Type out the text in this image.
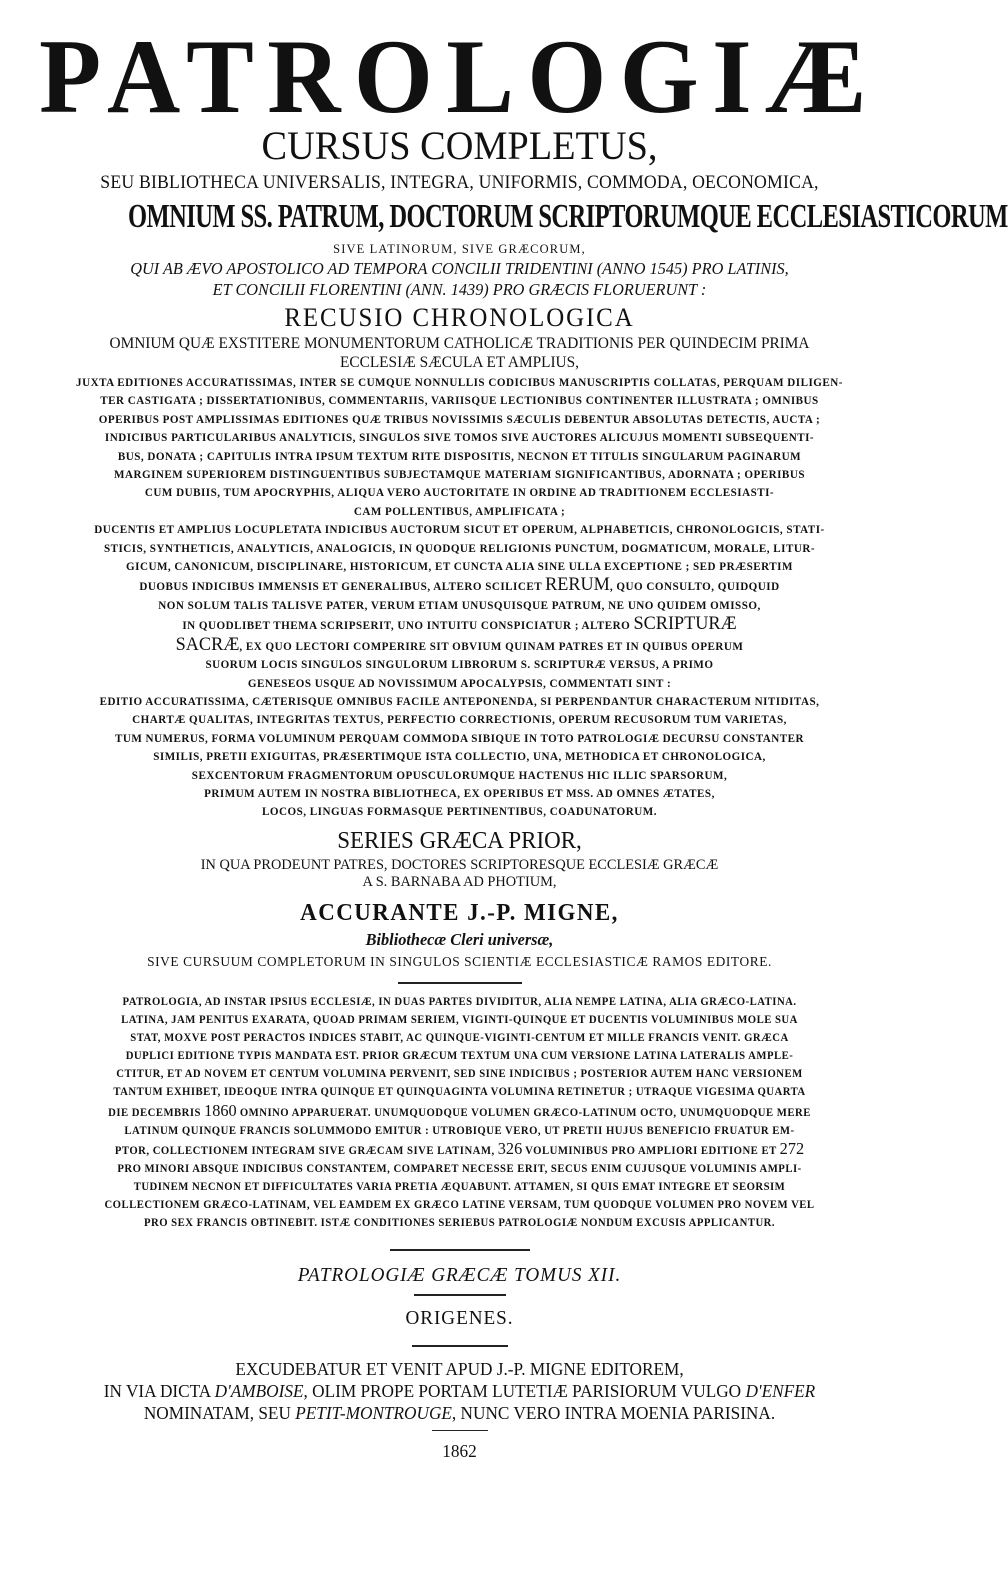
PATROLOGIÆ
CURSUS COMPLETUS,
SEU BIBLIOTHECA UNIVERSALIS, INTEGRA, UNIFORMIS, COMMODA, OECONOMICA,
OMNIUM SS. PATRUM, DOCTORUM SCRIPTORUMQUE ECCLESIASTICORUM
SIVE LATINORUM, SIVE GRÆCORUM,
QUI AB ÆVO APOSTOLICO AD TEMPORA CONCILII TRIDENTINI (ANNO 1545) PRO LATINIS,
ET CONCILII FLORENTINI (ANN. 1439) PRO GRÆCIS FLORUERUNT :
RECUSIO CHRONOLOGICA
OMNIUM QUÆ EXSTITERE MONUMENTORUM CATHOLICÆ TRADITIONIS PER QUINDECIM PRIMA
ECCLESIÆ SÆCULA ET AMPLIUS,
JUXTA EDITIONES ACCURATISSIMAS, INTER SE CUMQUE NONNULLIS CODICIBUS MANUSCRIPTIS COLLATAS, PERQUAM DILIGEN-
TER CASTIGATA ; DISSERTATIONIBUS, COMMENTARIIS, VARIISQUE LECTIONIBUS CONTINENTER ILLUSTRATA ; OMNIBUS
OPERIBUS POST AMPLISSIMAS EDITIONES QUÆ TRIBUS NOVISSIMIS SÆCULIS DEBENTUR ABSOLUTAS DETECTIS, AUCTA ;
INDICIBUS PARTICULARIBUS ANALYTICIS, SINGULOS SIVE TOMOS SIVE AUCTORES ALICUJUS MOMENTI SUBSEQUENTI-
BUS, DONATA ; CAPITULIS INTRA IPSUM TEXTUM RITE DISPOSITIS, NECNON ET TITULIS SINGULARUM PAGINARUM
MARGINEM SUPERIOREM DISTINGUENTIBUS SUBJECTAMQUE MATERIAM SIGNIFICANTIBUS, ADORNATA ; OPERIBUS
CUM DUBIIS, TUM APOCRYPHIS, ALIQUA VERO AUCTORITATE IN ORDINE AD TRADITIONEM ECCLESIASTI-
CAM POLLENTIBUS, AMPLIFICATA ;
DUCENTIS ET AMPLIUS LOCUPLETATA INDICIBUS AUCTORUM SICUT ET OPERUM, ALPHABETICIS, CHRONOLOGICIS, STATI-
STICIS, SYNTHETICIS, ANALYTICIS, ANALOGICIS, IN QUODQUE RELIGIONIS PUNCTUM, DOGMATICUM, MORALE, LITUR-
GICUM, CANONICUM, DISCIPLINARE, HISTORICUM, ET CUNCTA ALIA SINE ULLA EXCEPTIONE ; SED PRÆSERTIM
DUOBUS INDICIBUS IMMENSIS ET GENERALIBUS, ALTERO SCILICET RERUM, QUO CONSULTO, QUIDQUID
NON SOLUM TALIS TALISVE PATER, VERUM ETIAM UNUSQUISQUE PATRUM, NE UNO QUIDEM OMISSO,
IN QUODLIBET THEMA SCRIPSERIT, UNO INTUITU CONSPICIATUR ; ALTERO SCRIPTURÆ
SACRÆ, EX QUO LECTORI COMPERIRE SIT OBVIUM QUINAM PATRES ET IN QUIBUS OPERUM
SUORUM LOCIS SINGULOS SINGULORUM LIBRORUM S. SCRIPTURÆ VERSUS, A PRIMO
GENESEOS USQUE AD NOVISSIMUM APOCALYPSIS, COMMENTATI SINT :
EDITIO ACCURATISSIMA, CÆTERISQUE OMNIBUS FACILE ANTEPONENDA, SI PERPENDANTUR CHARACTERUM NITIDITAS,
CHARTÆ QUALITAS, INTEGRITAS TEXTUS, PERFECTIO CORRECTIONIS, OPERUM RECUSORUM TUM VARIETAS,
TUM NUMERUS, FORMA VOLUMINUM PERQUAM COMMODA SIBIQUE IN TOTO PATROLOGIÆ DECURSU CONSTANTER
SIMILIS, PRETII EXIGUITAS, PRÆSERTIMQUE ISTA COLLECTIO, UNA, METHODICA ET CHRONOLOGICA,
SEXCENTORUM FRAGMENTORUM OPUSCULORUMQUE HACTENUS HIC ILLIC SPARSORUM,
PRIMUM AUTEM IN NOSTRA BIBLIOTHECA, EX OPERIBUS ET MSS. AD OMNES ÆTATES,
LOCOS, LINGUAS FORMASQUE PERTINENTIBUS, COADUNATORUM.
SERIES GRÆCA PRIOR,
IN QUA PRODEUNT PATRES, DOCTORES SCRIPTORESQUE ECCLESIÆ GRÆCÆ
A S. BARNABA AD PHOTIUM,
ACCURANTE J.-P. MIGNE,
Bibliothecæ Cleri universæ,
SIVE CURSUUM COMPLETORUM IN SINGULOS SCIENTIÆ ECCLESIASTICÆ RAMOS EDITORE.
PATROLOGIA, AD INSTAR IPSIUS ECCLESIÆ, IN DUAS PARTES DIVIDITUR, ALIA NEMPE LATINA, ALIA GRÆCO-LATINA.
LATINA, JAM PENITUS EXARATA, QUOAD PRIMAM SERIEM, VIGINTI-QUINQUE ET DUCENTIS VOLUMINIBUS MOLE SUA
STAT, MOXVE POST PERACTOS INDICES STABIT, AC QUINQUE-VIGINTI-CENTUM ET MILLE FRANCIS VENIT. GRÆCA
DUPLICI EDITIONE TYPIS MANDATA EST. PRIOR GRÆCUM TEXTUM UNA CUM VERSIONE LATINA LATERALIS AMPLE-
CTITUR, ET AD NOVEM ET CENTUM VOLUMINA PERVENIT, SED SINE INDICIBUS ; POSTERIOR AUTEM HANC VERSIONEM
TANTUM EXHIBET, IDEOQUE INTRA QUINQUE ET QUINQUAGINTA VOLUMINA RETINETUR ; UTRAQUE VIGESIMA QUARTA
DIE DECEMBRIS 1860 OMNINO APPARUERAT. UNUMQUODQUE VOLUMEN GRÆCO-LATINUM OCTO, UNUMQUODQUE MERE
LATINUM QUINQUE FRANCIS SOLUMMODO EMITUR : UTROBIQUE VERO, UT PRETII HUJUS BENEFICIO FRUATUR EM-
PTOR, COLLECTIONEM INTEGRAM SIVE GRÆCAM SIVE LATINAM, 326 VOLUMINIBUS PRO AMPLIORI EDITIONE ET 272
PRO MINORI ABSQUE INDICIBUS CONSTANTEM, COMPARET NECESSE ERIT, SECUS ENIM CUJUSQUE VOLUMINIS AMPLI-
TUDINEM NECNON ET DIFFICULTATES VARIA PRETIA ÆQUABUNT. ATTAMEN, SI QUIS EMAT INTEGRE ET SEORSIM
COLLECTIONEM GRÆCO-LATINAM, VEL EAMDEM EX GRÆCO LATINE VERSAM, TUM QUODQUE VOLUMEN PRO NOVEM VEL
PRO SEX FRANCIS OBTINEBIT. ISTÆ CONDITIONES SERIEBUS PATROLOGIÆ NONDUM EXCUSIS APPLICANTUR.
PATROLOGIÆ GRÆCÆ TOMUS XII.
ORIGENES.
EXCUDEBATUR ET VENIT APUD J.-P. MIGNE EDITOREM,
IN VIA DICTA D'AMBOISE, OLIM PROPE PORTAM LUTETIÆ PARISIORUM VULGO D'ENFER
NOMINATAM, SEU PETIT-MONTROUGE, NUNC VERO INTRA MOENIA PARISINA.
1862
